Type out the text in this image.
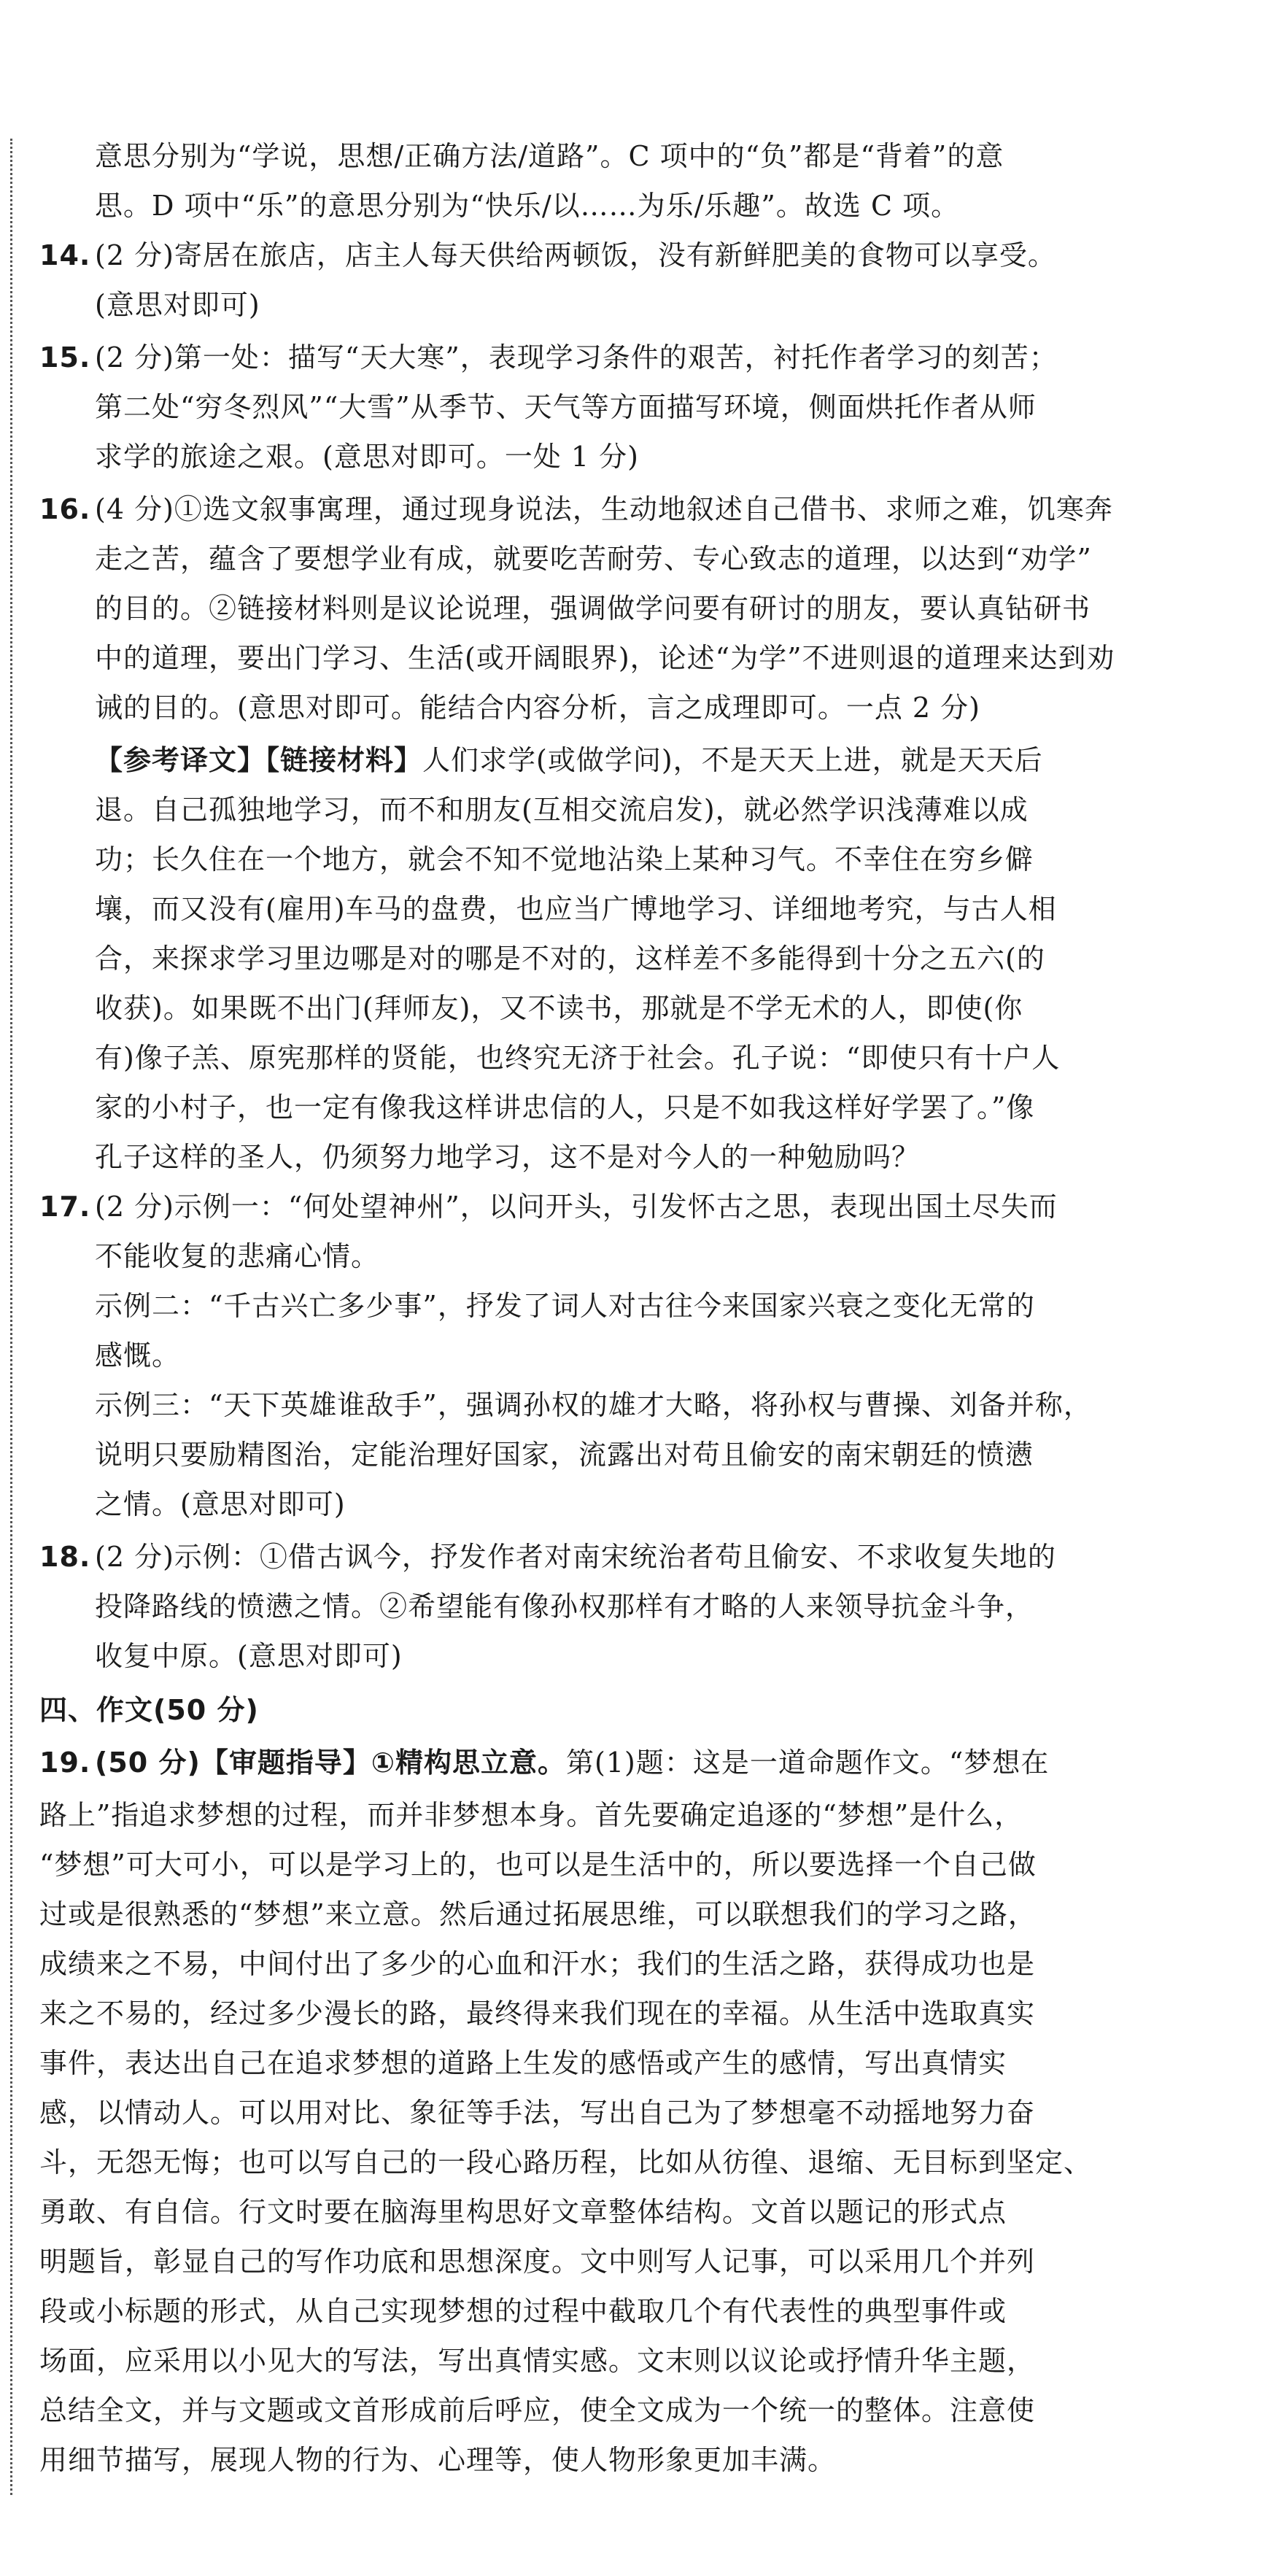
意思分别为“学说，思想/正确方法/道路”。C 项中的“负”都是“背着”的意
思。D 项中“乐”的意思分别为“快乐/以……为乐/乐趣”。故选 C 项。
14. (2 分)寄居在旅店，店主人每天供给两顿饭，没有新鲜肥美的食物可以享受。
(意思对即可)
15. (2 分)第一处：描写“天大寒”，表现学习条件的艰苦，衬托作者学习的刻苦；
第二处“穷冬烈风”“大雪”从季节、天气等方面描写环境，侧面烘托作者从师
求学的旅途之艰。(意思对即可。一处 1 分)
16. (4 分)①选文叙事寓理，通过现身说法，生动地叙述自己借书、求师之难，饥寒奔
走之苦，蕴含了要想学业有成，就要吃苦耐劳、专心致志的道理，以达到“劝学”
的目的。②链接材料则是议论说理，强调做学问要有研讨的朋友，要认真钻研书
中的道理，要出门学习、生活(或开阔眼界)，论述“为学”不进则退的道理来达到劝
诫的目的。(意思对即可。能结合内容分析，言之成理即可。一点 2 分)
【参考译文】【链接材料】人们求学(或做学问)，不是天天上进，就是天天后
退。自己孤独地学习，而不和朋友(互相交流启发)，就必然学识浅薄难以成
功；长久住在一个地方，就会不知不觉地沾染上某种习气。不幸住在穷乡僻
壤，而又没有(雇用)车马的盘费，也应当广博地学习、详细地考究，与古人相
合，来探求学习里边哪是对的哪是不对的，这样差不多能得到十分之五六(的
收获)。如果既不出门(拜师友)，又不读书，那就是不学无术的人，即使(你
有)像子羔、原宪那样的贤能，也终究无济于社会。孔子说：“即使只有十户人
家的小村子，也一定有像我这样讲忠信的人，只是不如我这样好学罢了。”像
孔子这样的圣人，仍须努力地学习，这不是对今人的一种勉励吗？
17. (2 分)示例一：“何处望神州”，以问开头，引发怀古之思，表现出国土尽失而
不能收复的悲痛心情。
示例二：“千古兴亡多少事”，抒发了词人对古往今来国家兴衰之变化无常的
感慨。
示例三：“天下英雄谁敌手”，强调孙权的雄才大略，将孙权与曹操、刘备并称，
说明只要励精图治，定能治理好国家，流露出对苟且偷安的南宋朝廷的愤懑
之情。(意思对即可)
18. (2 分)示例：①借古讽今，抒发作者对南宋统治者苟且偷安、不求收复失地的
投降路线的愤懑之情。②希望能有像孙权那样有才略的人来领导抗金斗争，
收复中原。(意思对即可)
四、作文(50 分)
19. (50 分)【审题指导】①精构思立意。第(1)题：这是一道命题作文。“梦想在
路上”指追求梦想的过程，而并非梦想本身。首先要确定追逐的“梦想”是什么，
“梦想”可大可小，可以是学习上的，也可以是生活中的，所以要选择一个自己做
过或是很熟悉的“梦想”来立意。然后通过拓展思维，可以联想我们的学习之路，
成绩来之不易，中间付出了多少的心血和汗水；我们的生活之路，获得成功也是
来之不易的，经过多少漫长的路，最终得来我们现在的幸福。从生活中选取真实
事件，表达出自己在追求梦想的道路上生发的感悟或产生的感情，写出真情实
感，以情动人。可以用对比、象征等手法，写出自己为了梦想毫不动摇地努力奋
斗，无怨无悔；也可以写自己的一段心路历程，比如从彷徨、退缩、无目标到坚定、
勇敢、有自信。行文时要在脑海里构思好文章整体结构。文首以题记的形式点
明题旨，彰显自己的写作功底和思想深度。文中则写人记事，可以采用几个并列
段或小标题的形式，从自己实现梦想的过程中截取几个有代表性的典型事件或
场面，应采用以小见大的写法，写出真情实感。文末则以议论或抒情升华主题，
总结全文，并与文题或文首形成前后呼应，使全文成为一个统一的整体。注意使
用细节描写，展现人物的行为、心理等，使人物形象更加丰满。
